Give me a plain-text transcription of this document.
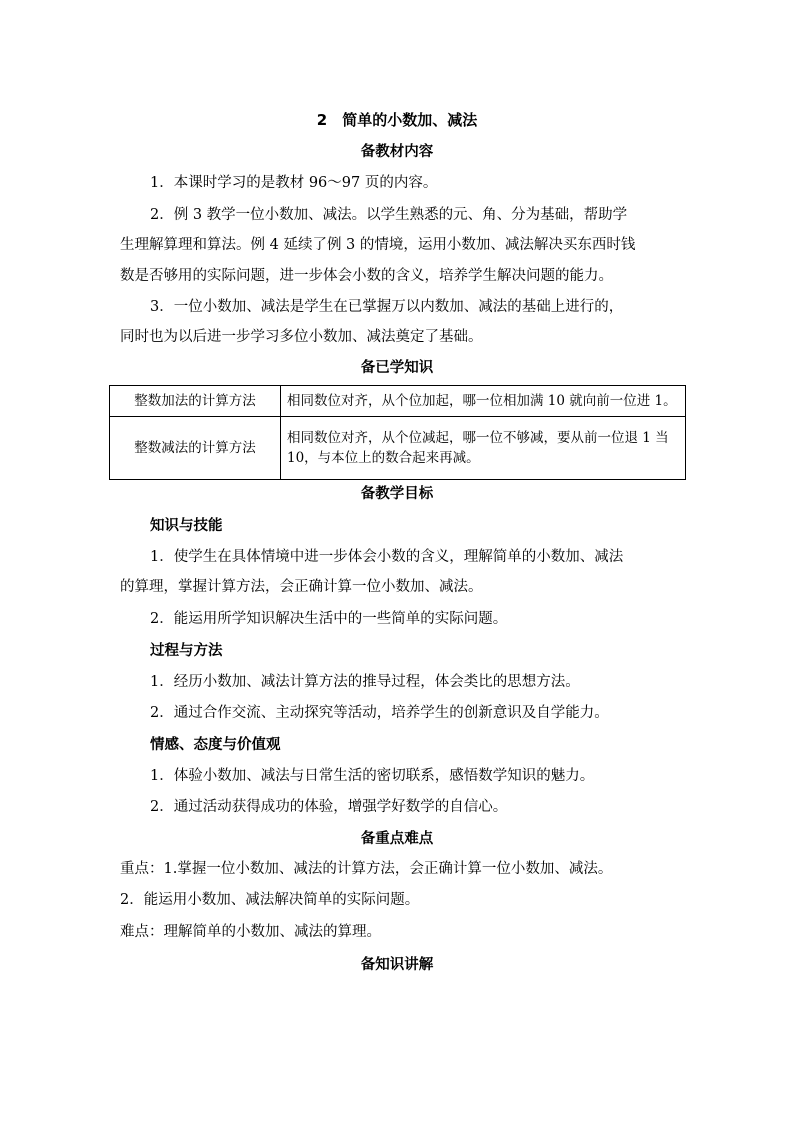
2　简单的小数加、减法
备教材内容
1．本课时学习的是教材 96～97 页的内容。
2．例 3 教学一位小数加、减法。以学生熟悉的元、角、分为基础，帮助学
生理解算理和算法。例 4 延续了例 3 的情境，运用小数加、减法解决买东西时钱
数是否够用的实际问题，进一步体会小数的含义，培养学生解决问题的能力。
3．一位小数加、减法是学生在已掌握万以内数加、减法的基础上进行的，
同时也为以后进一步学习多位小数加、减法奠定了基础。
备已学知识
整数加法的计算方法	相同数位对齐，从个位加起，哪一位相加满 10 就向前一位进 1。
整数减法的计算方法	相同数位对齐，从个位减起，哪一位不够减，要从前一位退 1 当 10，与本位上的数合起来再减。
备教学目标
知识与技能
1．使学生在具体情境中进一步体会小数的含义，理解简单的小数加、减法
的算理，掌握计算方法，会正确计算一位小数加、减法。
2．能运用所学知识解决生活中的一些简单的实际问题。
过程与方法
1．经历小数加、减法计算方法的推导过程，体会类比的思想方法。
2．通过合作交流、主动探究等活动，培养学生的创新意识及自学能力。
情感、态度与价值观
1．体验小数加、减法与日常生活的密切联系，感悟数学知识的魅力。
2．通过活动获得成功的体验，增强学好数学的自信心。
备重点难点
重点：1.掌握一位小数加、减法的计算方法，会正确计算一位小数加、减法。
2．能运用小数加、减法解决简单的实际问题。
难点：理解简单的小数加、减法的算理。
备知识讲解
